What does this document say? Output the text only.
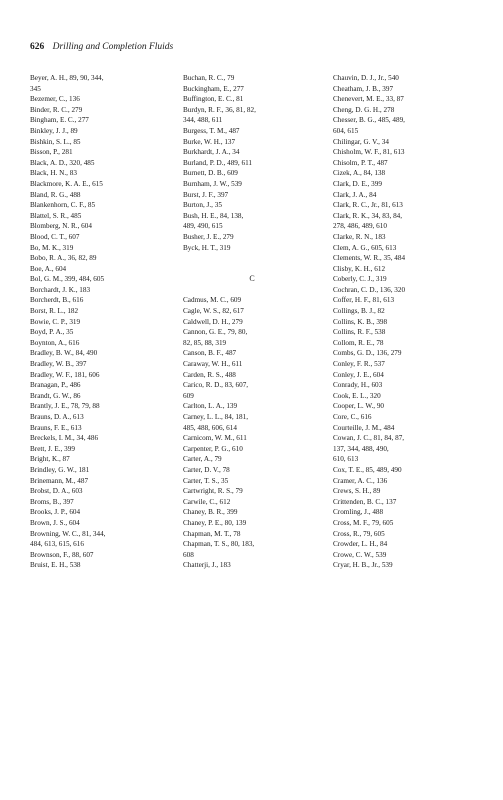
626 Drilling and Completion Fluids
Beyer, A. H., 89, 90, 344,
345
Bezemer, C., 136
Binder, R. C., 279
Bingham, E. C., 277
Binkley, J. J., 89
Bishkin, S. L., 85
Bisson, P., 281
Black, A. D., 320, 485
Black, H. N., 83
Blackmore, K. A. E., 615
Bland, R. G., 488
Blankenhorn, C. F., 85
Blattel, S. R., 485
Blomberg, N. R., 604
Blood, C. T., 607
Bo, M. K., 319
Bobo, R. A., 36, 82, 89
Boe, A., 604
Bol, G. M., 399, 484, 605
Borchardt, J. K., 183
Borcherdt, B., 616
Borst, R. L., 182
Bowie, C. P., 319
Boyd, P. A., 35
Boynton, A., 616
Bradley, B. W., 84, 490
Bradley, W. B., 397
Bradley, W. F., 181, 606
Branagan, P., 486
Brandt, G. W., 86
Brantly, J. E., 78, 79, 88
Brauns, D. A., 613
Brauns, F. E., 613
Breckels, I. M., 34, 486
Brett, J. E., 399
Bright, K., 87
Brindley, G. W., 181
Brinemann, M., 487
Brobst, D. A., 603
Broms, B., 397
Brooks, J. P., 604
Brown, J. S., 604
Browning, W. C., 81, 344,
484, 613, 615, 616
Brownson, F., 88, 607
Bruist, E. H., 538
Buchan, R. C., 79
Buckingham, E., 277
Buffington, E. C., 81
Burdyn, R. F., 36, 81, 82,
344, 488, 611
Burgess, T. M., 487
Burke, W. H., 137
Burkhardt, J. A., 34
Burland, P. D., 489, 611
Burnett, D. B., 609
Burnham, J. W., 539
Burst, J. F., 397
Burton, J., 35
Bush, H. E., 84, 138,
489, 490, 615
Busher, J. E., 279
Byck, H. T., 319
C
Cadmus, M. C., 609
Cagle, W. S., 82, 617
Caldwell, D. H., 279
Cannon, G. E., 79, 80,
82, 85, 88, 319
Canson, B. F., 487
Caraway, W. H., 611
Carden, R. S., 488
Carico, R. D., 83, 607,
609
Carlton, L. A., 139
Carney, L. L., 84, 181,
485, 488, 606, 614
Carnicom, W. M., 611
Carpenter, P. G., 610
Carter, A., 79
Carter, D. V., 78
Carter, T. S., 35
Cartwright, R. S., 79
Carwile, C., 612
Chaney, B. R., 399
Chaney, P. E., 80, 139
Chapman, M. T., 78
Chapman, T. S., 80, 183,
608
Chatterji, J., 183
Chauvin, D. J., Jr., 540
Cheatham, J. B., 397
Chenevert, M. E., 33, 87
Cheng, D. G. H., 278
Chesser, B. G., 485, 489,
604, 615
Chilingar, G. V., 34
Chisholm, W. F., 81, 613
Chisolm, P. T., 487
Cizek, A., 84, 138
Clark, D. E., 399
Clark, J. A., 84
Clark, R. C., Jr., 81, 613
Clark, R. K., 34, 83, 84,
278, 486, 489, 610
Clarke, R. N., 183
Clem, A. G., 605, 613
Clements, W. R., 35, 484
Clisby, K. H., 612
Coberly, C. J., 319
Cochran, C. D., 136, 320
Coffer, H. F., 81, 613
Collings, B. J., 82
Collins, K. B., 398
Collins, R. F., 538
Collom, R. E., 78
Combs, G. D., 136, 279
Conley, F. R., 537
Conley, J. E., 604
Conrady, H., 603
Cook, E. L., 320
Cooper, L. W., 90
Core, C., 616
Courteille, J. M., 484
Cowan, J. C., 81, 84, 87,
137, 344, 488, 490,
610, 613
Cox, T. E., 85, 489, 490
Cramer, A. C., 136
Crews, S. H., 89
Crittenden, B. C., 137
Cromling, J., 488
Cross, M. F., 79, 605
Cross, R., 79, 605
Crowder, L. H., 84
Crowe, C. W., 539
Cryar, H. B., Jr., 539
